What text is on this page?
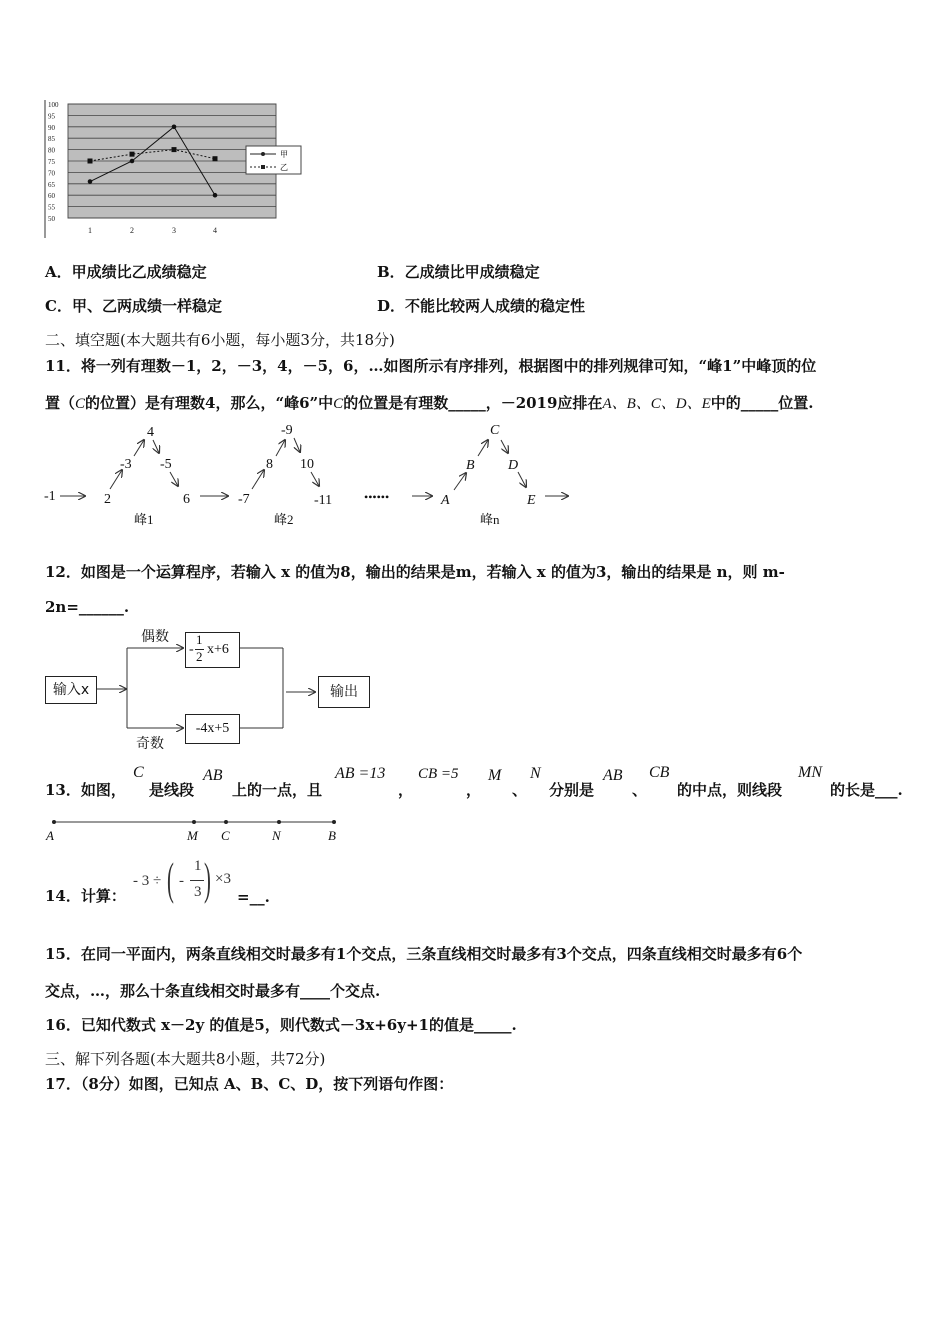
100
95
90
85
80
75
70
65
60
55
50
1	2	3	4
甲
乙
A．甲成绩比乙成绩稳定	B．乙成绩比甲成绩稳定
C．甲、乙两成绩一样稳定	D．不能比较两人成绩的稳定性
二、填空题(本大题共有6小题，每小题3分，共18分)
11．将一列有理数－1，2，－3，4，－5，6，…如图所示有序排列，根据图中的排列规律可知，“峰1”中峰顶的位
置（C的位置）是有理数4，那么，“峰6”中C的位置是有理数_____，－2019应排在A、B、C、D、E中的_____位置.
-1	2
-3
4
-5
6
峰1
-7
8
-9
10
-11
峰2
••••••	A
B
C
D
E
峰n
12．如图是一个运算程序，若输入 x 的值为8，输出的结果是m，若输入 x 的值为3，输出的结果是 n，则 m-
2n=______.
输入x
偶数
奇数
-
1
2 x+6
-4x+5
输出
13．如图，
C
是线段
AB
上的一点，且
AB =13
，
CB =5
，
M
、
N
分别是
AB
、
CB
的中点，则线段
MN
的长是___.
A	M C	N	B
14．计算：
- 3 ÷ ( -
1
3 ) ×3
=__.
15．在同一平面内，两条直线相交时最多有1个交点，三条直线相交时最多有3个交点，四条直线相交时最多有6个
交点，…，那么十条直线相交时最多有____个交点.
16．已知代数式 x－2y 的值是5，则代数式－3x+6y+1的值是_____.
三、解下列各题(本大题共8小题，共72分)
17．（8分）如图，已知点 A、B、C、D，按下列语句作图：
